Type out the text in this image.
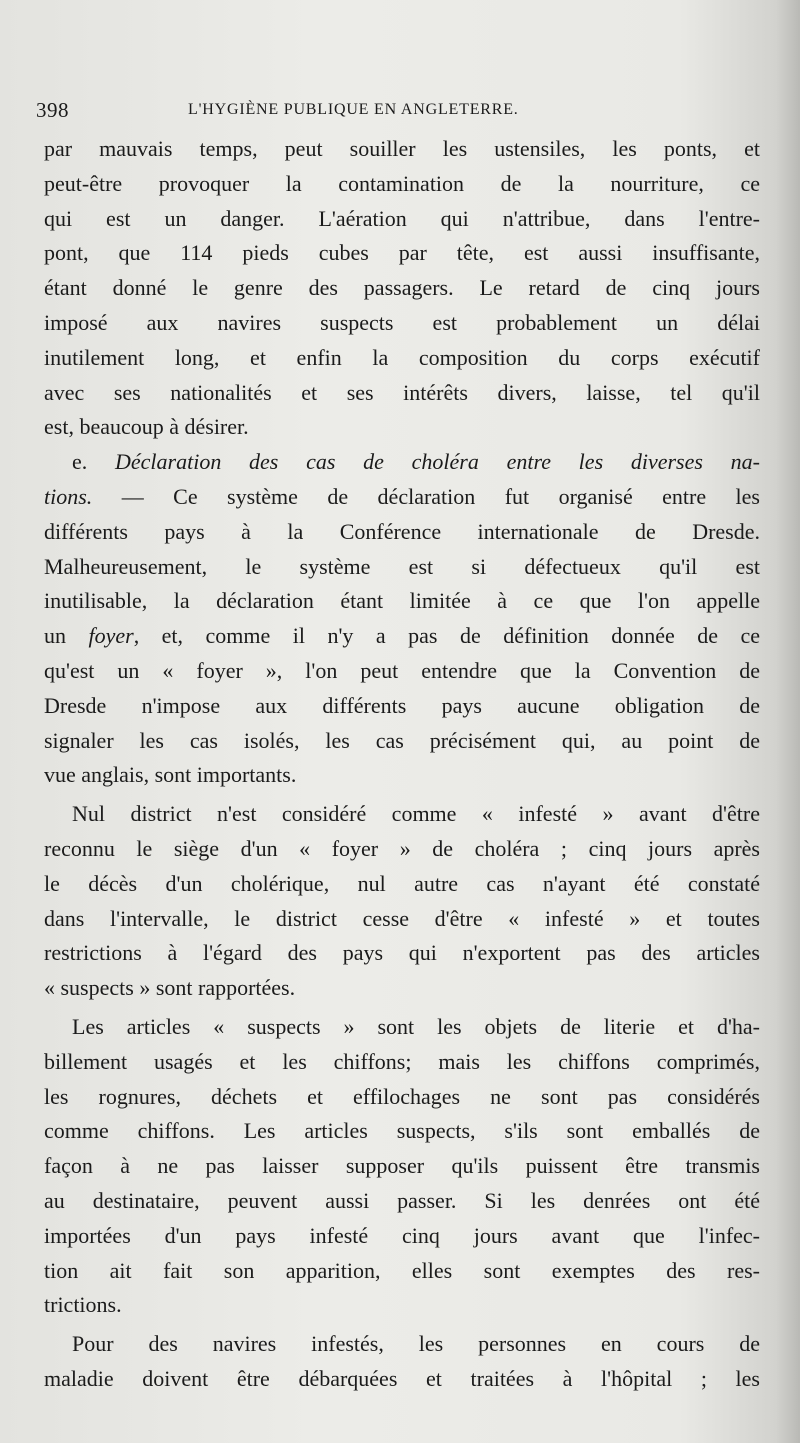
398	L'HYGIÈNE PUBLIQUE EN ANGLETERRE.
par mauvais temps, peut souiller les ustensiles, les ponts, et
peut-être provoquer la contamination de la nourriture, ce
qui est un danger. L'aération qui n'attribue, dans l'entre-
pont, que 114 pieds cubes par tête, est aussi insuffisante,
étant donné le genre des passagers. Le retard de cinq jours
imposé aux navires suspects est probablement un délai
inutilement long, et enfin la composition du corps exécutif
avec ses nationalités et ses intérêts divers, laisse, tel qu'il
est, beaucoup à désirer.
e. Déclaration des cas de choléra entre les diverses na-
tions. — Ce système de déclaration fut organisé entre les
différents pays à la Conférence internationale de Dresde.
Malheureusement, le système est si défectueux qu'il est
inutilisable, la déclaration étant limitée à ce que l'on appelle
un foyer, et, comme il n'y a pas de définition donnée de ce
qu'est un « foyer », l'on peut entendre que la Convention de
Dresde n'impose aux différents pays aucune obligation de
signaler les cas isolés, les cas précisément qui, au point de
vue anglais, sont importants.
Nul district n'est considéré comme « infesté » avant d'être
reconnu le siège d'un « foyer » de choléra ; cinq jours après
le décès d'un cholérique, nul autre cas n'ayant été constaté
dans l'intervalle, le district cesse d'être « infesté » et toutes
restrictions à l'égard des pays qui n'exportent pas des articles
« suspects » sont rapportées.
Les articles « suspects » sont les objets de literie et d'ha-
billement usagés et les chiffons; mais les chiffons comprimés,
les rognures, déchets et effilochages ne sont pas considérés
comme chiffons. Les articles suspects, s'ils sont emballés de
façon à ne pas laisser supposer qu'ils puissent être transmis
au destinataire, peuvent aussi passer. Si les denrées ont été
importées d'un pays infesté cinq jours avant que l'infec-
tion ait fait son apparition, elles sont exemptes des res-
trictions.
Pour des navires infestés, les personnes en cours de
maladie doivent être débarquées et traitées à l'hôpital ; les
